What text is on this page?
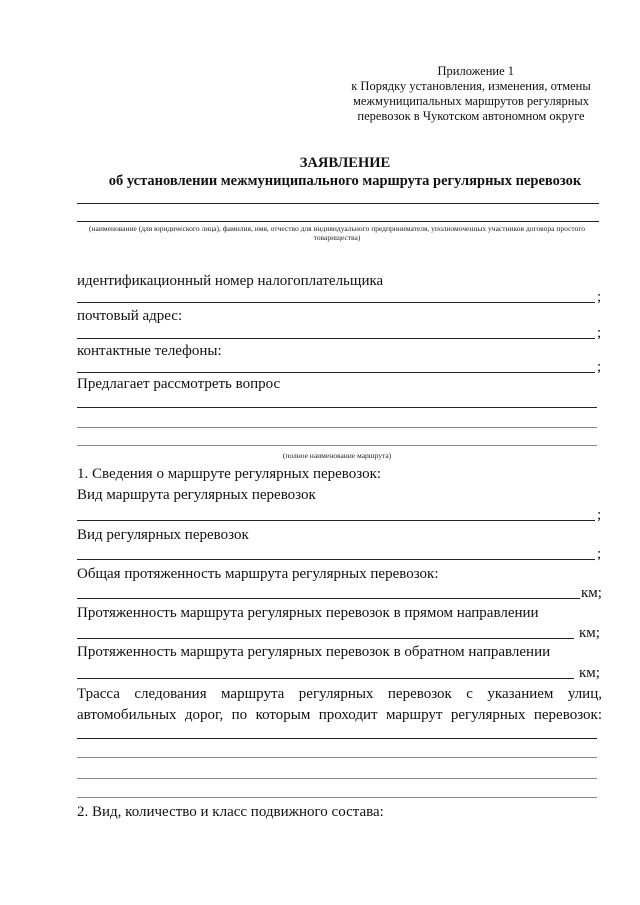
Приложение 1
к Порядку установления, изменения, отмены
межмуниципальных маршрутов регулярных
перевозок в Чукотском автономном округе
ЗАЯВЛЕНИЕ
об установлении межмуниципального маршрута регулярных перевозок
(наименование (для юридического лица), фамилия, имя, отчество для индивидуального предпринимателя, уполномоченных участников договора простого товарищества)
идентификационный номер налогоплательщика
;
почтовый адрес:
;
контактные телефоны:
;
Предлагает рассмотреть вопрос
(полное наименование маршрута)
1. Сведения о маршруте регулярных перевозок:
Вид маршрута регулярных перевозок
;
Вид регулярных перевозок
;
Общая протяженность маршрута регулярных перевозок:
км;
Протяженность маршрута регулярных перевозок в прямом направлении
км;
Протяженность маршрута регулярных перевозок в обратном направлении
км;
Трасса следования маршрута регулярных перевозок с указанием улиц, автомобильных дорог, по которым проходит маршрут регулярных перевозок:
2. Вид, количество и класс подвижного состава:
